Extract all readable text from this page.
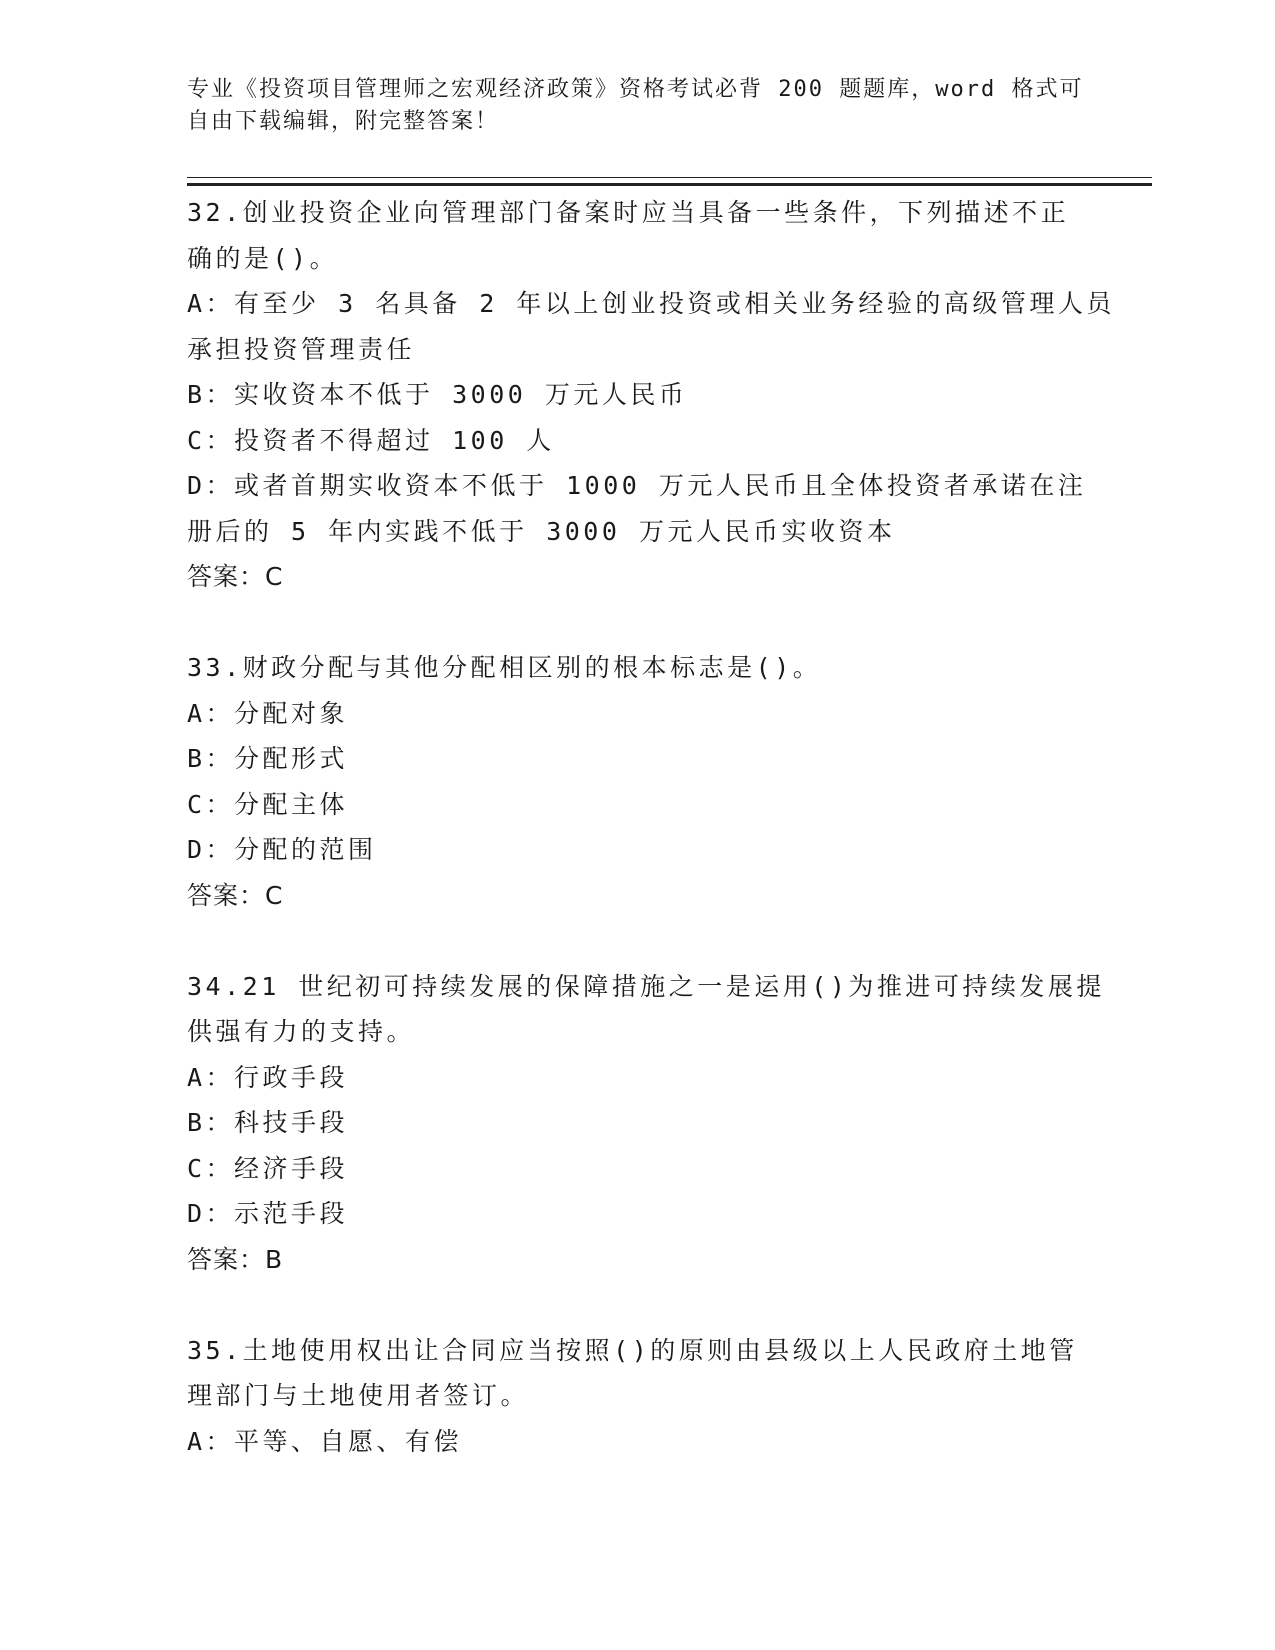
专业《投资项目管理师之宏观经济政策》资格考试必背 200 题题库，word 格式可
自由下载编辑，附完整答案！
32.创业投资企业向管理部门备案时应当具备一些条件，下列描述不正
确的是()。
A：有至少 3 名具备 2 年以上创业投资或相关业务经验的高级管理人员
承担投资管理责任
B：实收资本不低于 3000 万元人民币
C：投资者不得超过 100 人
D：或者首期实收资本不低于 1000 万元人民币且全体投资者承诺在注
册后的 5 年内实践不低于 3000 万元人民币实收资本
答案：C
33.财政分配与其他分配相区别的根本标志是()。
A：分配对象
B：分配形式
C：分配主体
D：分配的范围
答案：C
34.21 世纪初可持续发展的保障措施之一是运用()为推进可持续发展提
供强有力的支持。
A：行政手段
B：科技手段
C：经济手段
D：示范手段
答案：B
35.土地使用权出让合同应当按照()的原则由县级以上人民政府土地管
理部门与土地使用者签订。
A：平等、自愿、有偿
